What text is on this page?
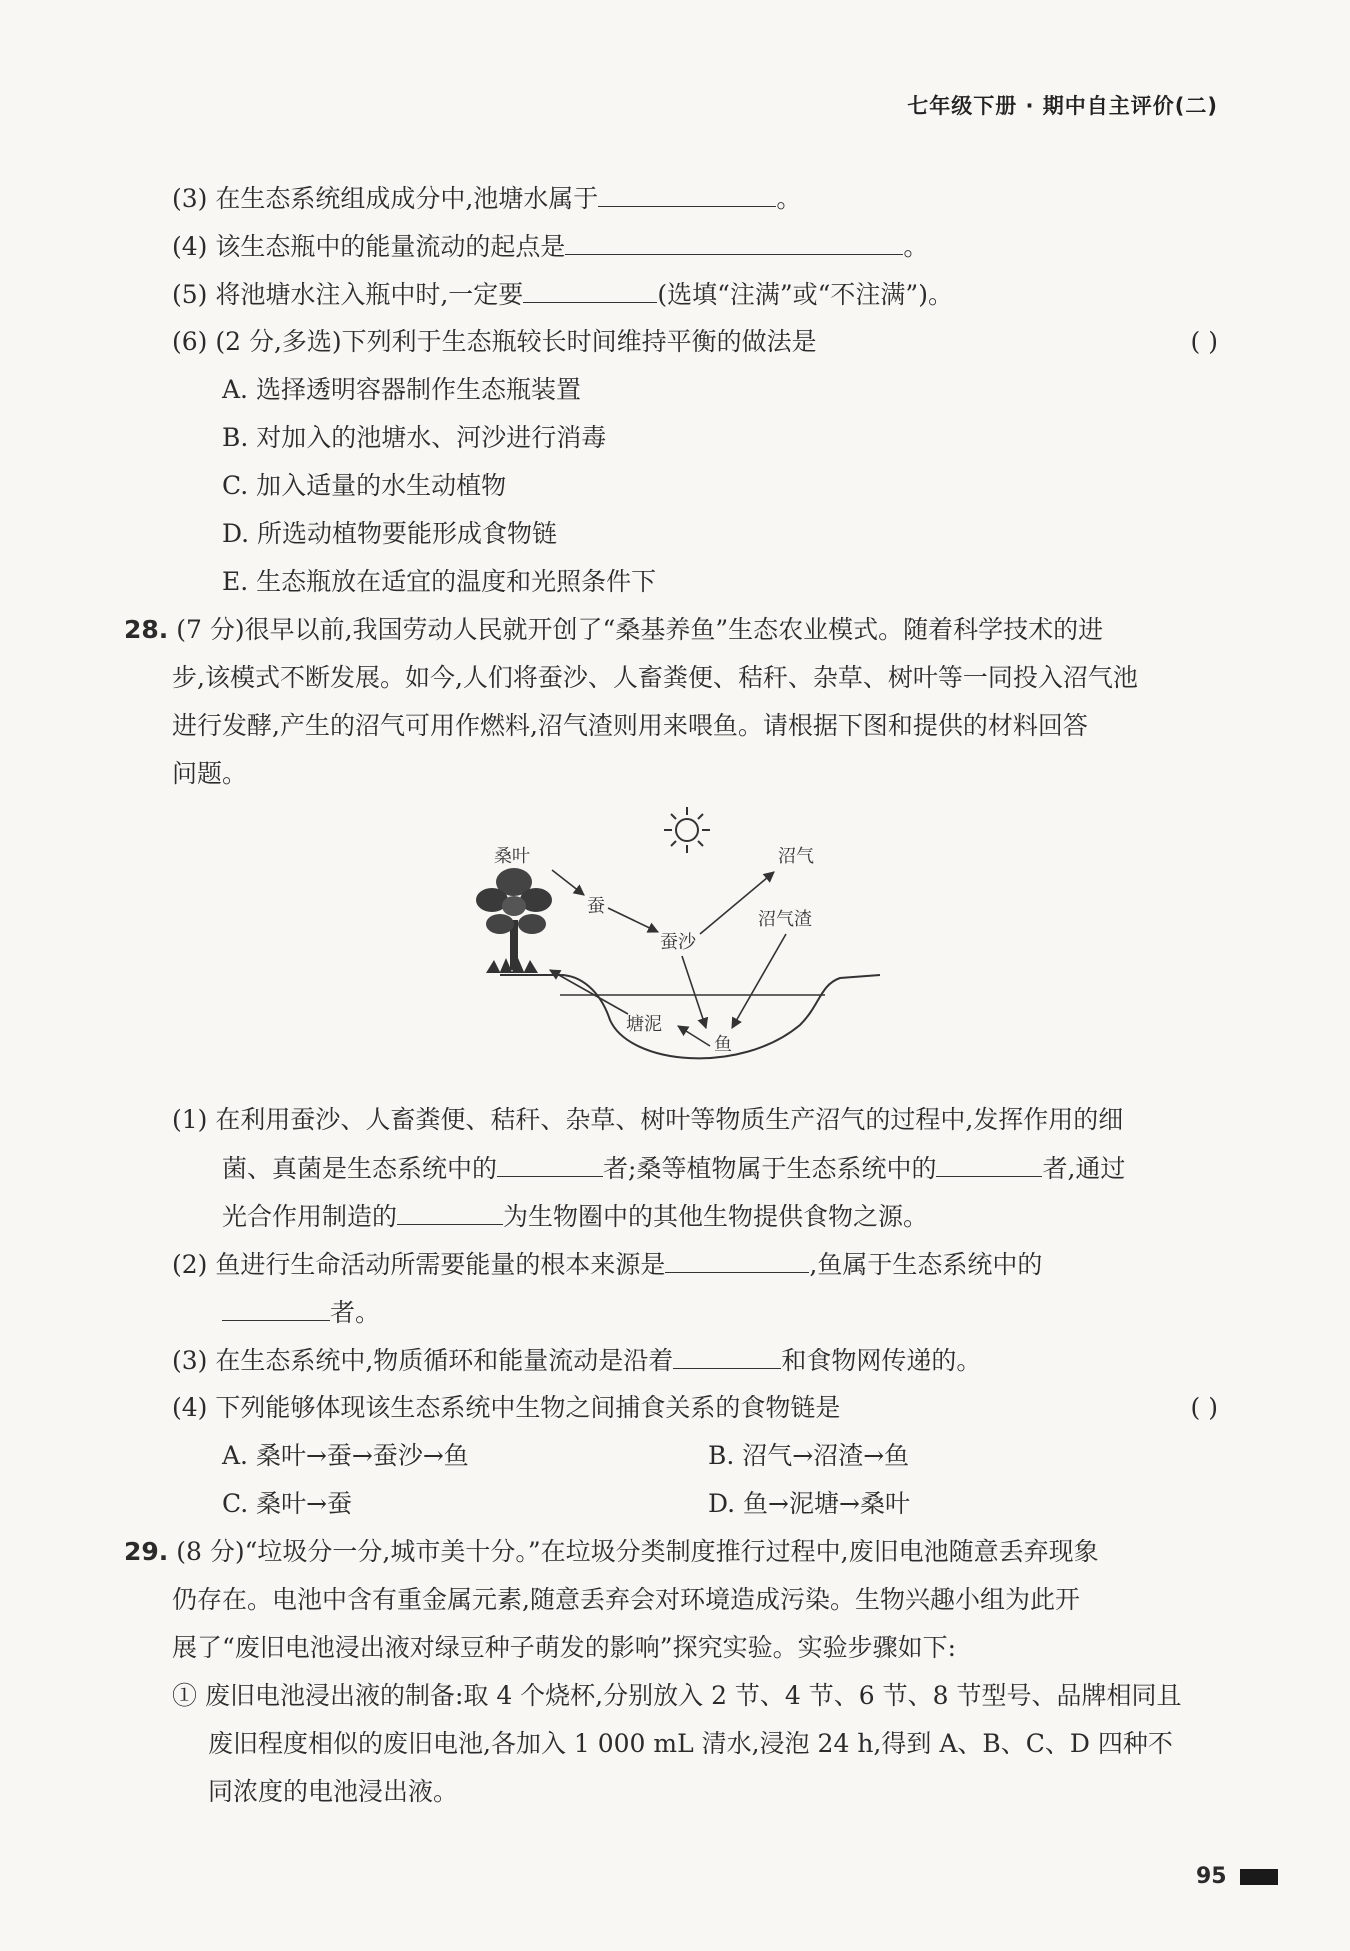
七年级下册 · 期中自主评价(二)
(3) 在生态系统组成成分中,池塘水属于	。
(4) 该生态瓶中的能量流动的起点是	。
(5) 将池塘水注入瓶中时,一定要	(选填“注满”或“不注满”)。
(6) (2 分,多选)下列利于生态瓶较长时间维持平衡的做法是	( )
A. 选择透明容器制作生态瓶装置
B. 对加入的池塘水、河沙进行消毒
C. 加入适量的水生动植物
D. 所选动植物要能形成食物链
E. 生态瓶放在适宜的温度和光照条件下
28. (7 分)很早以前,我国劳动人民就开创了“桑基养鱼”生态农业模式。随着科学技术的进
步,该模式不断发展。如今,人们将蚕沙、人畜粪便、秸秆、杂草、树叶等一同投入沼气池
进行发酵,产生的沼气可用作燃料,沼气渣则用来喂鱼。请根据下图和提供的材料回答
问题。
桑叶
蚕
蚕沙
沼气
沼气渣
塘泥
鱼
(1) 在利用蚕沙、人畜粪便、秸秆、杂草、树叶等物质生产沼气的过程中,发挥作用的细
菌、真菌是生态系统中的	者;桑等植物属于生态系统中的	者,通过
光合作用制造的	为生物圈中的其他生物提供食物之源。
(2) 鱼进行生命活动所需要能量的根本来源是	,鱼属于生态系统中的
者。
(3) 在生态系统中,物质循环和能量流动是沿着	和食物网传递的。
(4) 下列能够体现该生态系统中生物之间捕食关系的食物链是	( )
A. 桑叶→蚕→蚕沙→鱼	B. 沼气→沼渣→鱼
C. 桑叶→蚕	D. 鱼→泥塘→桑叶
29. (8 分)“垃圾分一分,城市美十分。”在垃圾分类制度推行过程中,废旧电池随意丢弃现象
仍存在。电池中含有重金属元素,随意丢弃会对环境造成污染。生物兴趣小组为此开
展了“废旧电池浸出液对绿豆种子萌发的影响”探究实验。实验步骤如下:
① 废旧电池浸出液的制备:取 4 个烧杯,分别放入 2 节、4 节、6 节、8 节型号、品牌相同且
废旧程度相似的废旧电池,各加入 1 000 mL 清水,浸泡 24 h,得到 A、B、C、D 四种不
同浓度的电池浸出液。
95
